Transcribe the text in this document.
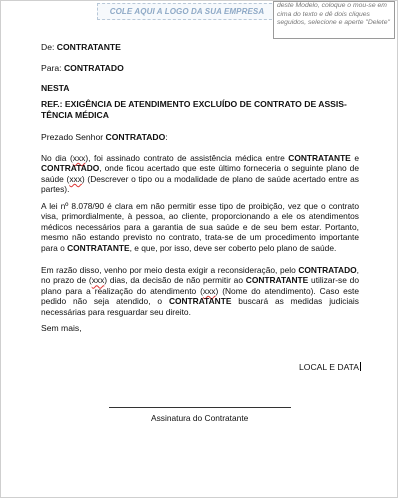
COLE AQUI A LOGO DA SUA EMPRESA
deste Modelo, coloque o mou-se em cima do texto e dê dois cliques seguidos, selecione e aperte "Delete"
De: CONTRATANTE
Para: CONTRATADO
NESTA
REF.: EXIGÊNCIA DE ATENDIMENTO EXCLUÍDO DE CONTRATO DE ASSIS-TÊNCIA MÉDICA
Prezado Senhor CONTRATADO:
No dia (xxx), foi assinado contrato de assistência médica entre CONTRATANTE e CONTRATADO, onde ficou acertado que este último forneceria o seguinte plano de saúde (xxx) (Descrever o tipo ou a modalidade de plano de saúde acertado entre as partes).
A lei nº 8.078/90 é clara em não permitir esse tipo de proibição, vez que o contrato visa, primordialmente, à pessoa, ao cliente, proporcionando a ele os atendimentos médicos necessários para a garantia de sua saúde e de seu bem estar. Portanto, mesmo não estando previsto no contrato, trata-se de um procedimento importante para o CONTRATANTE, e que, por isso, deve ser coberto pelo plano de saúde.
Em razão disso, venho por meio desta exigir a reconsideração, pelo CONTRATADO, no prazo de (xxx) dias, da decisão de não permitir ao CONTRATANTE utilizar-se do plano para a realização do atendimento (xxx) (Nome do atendimento). Caso este pedido não seja atendido, o CONTRATANTE buscará as medidas judiciais necessárias para resguardar seu direito.
Sem mais,
LOCAL E DATA
Assinatura do Contratante
